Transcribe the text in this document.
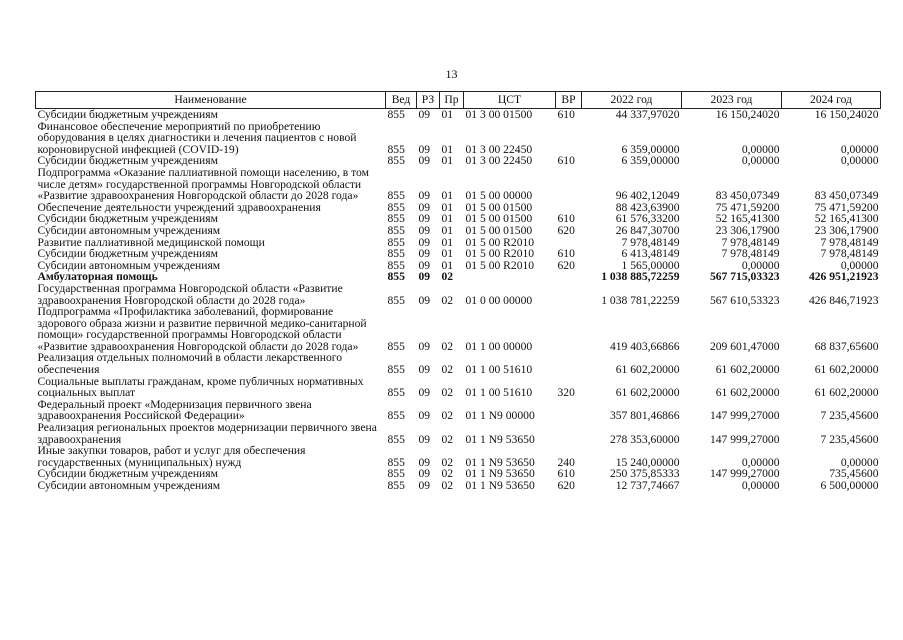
13
Наименование	Вед	РЗ	Пр	ЦСТ	ВР	2022 год	2023 год	2024 год
Субсидии бюджетным учреждениям	855	09	01	01 3 00 01500	610	44 337,97020	16 150,24020	16 150,24020
Финансовое обеспечение мероприятий по приобретению оборудования в целях диагностики и лечения пациентов с новой короновирусной инфекцией (COVID-19)	855	09	01	01 3 00 22450		6 359,00000	0,00000	0,00000
Субсидии бюджетным учреждениям	855	09	01	01 3 00 22450	610	6 359,00000	0,00000	0,00000
Подпрограмма «Оказание паллиативной помощи населению, в том числе детям» государственной программы Новгородской области «Развитие здравоохранения Новгородской области до 2028 года»	855	09	01	01 5 00 00000		96 402,12049	83 450,07349	83 450,07349
Обеспечение деятельности учреждений здравоохранения	855	09	01	01 5 00 01500		88 423,63900	75 471,59200	75 471,59200
Субсидии бюджетным учреждениям	855	09	01	01 5 00 01500	610	61 576,33200	52 165,41300	52 165,41300
Субсидии автономным учреждениям	855	09	01	01 5 00 01500	620	26 847,30700	23 306,17900	23 306,17900
Развитие паллиативной медицинской помощи	855	09	01	01 5 00 R2010		7 978,48149	7 978,48149	7 978,48149
Субсидии бюджетным учреждениям	855	09	01	01 5 00 R2010	610	6 413,48149	7 978,48149	7 978,48149
Субсидии автономным учреждениям	855	09	01	01 5 00 R2010	620	1 565,00000	0,00000	0,00000
Амбулаторная помощь	855	09	02			1 038 885,72259	567 715,03323	426 951,21923
Государственная программа Новгородской области «Развитие здравоохранения Новгородской области до 2028 года»	855	09	02	01 0 00 00000		1 038 781,22259	567 610,53323	426 846,71923
Подпрограмма «Профилактика заболеваний, формирование здорового образа жизни и развитие первичной медико-санитарной помощи» государственной программы Новгородской области «Развитие здравоохранения Новгородской области до 2028 года»	855	09	02	01 1 00 00000		419 403,66866	209 601,47000	68 837,65600
Реализация отдельных полномочий в области лекарственного обеспечения	855	09	02	01 1 00 51610		61 602,20000	61 602,20000	61 602,20000
Социальные выплаты гражданам, кроме публичных нормативных социальных выплат	855	09	02	01 1 00 51610	320	61 602,20000	61 602,20000	61 602,20000
Федеральный проект «Модернизация первичного звена здравоохранения Российской Федерации»	855	09	02	01 1 N9 00000		357 801,46866	147 999,27000	7 235,45600
Реализация региональных проектов модернизации первичного звена здравоохранения	855	09	02	01 1 N9 53650		278 353,60000	147 999,27000	7 235,45600
Иные закупки товаров, работ и услуг для обеспечения государственных (муниципальных) нужд	855	09	02	01 1 N9 53650	240	15 240,00000	0,00000	0,00000
Субсидии бюджетным учреждениям	855	09	02	01 1 N9 53650	610	250 375,85333	147 999,27000	735,45600
Субсидии автономным учреждениям	855	09	02	01 1 N9 53650	620	12 737,74667	0,00000	6 500,00000
